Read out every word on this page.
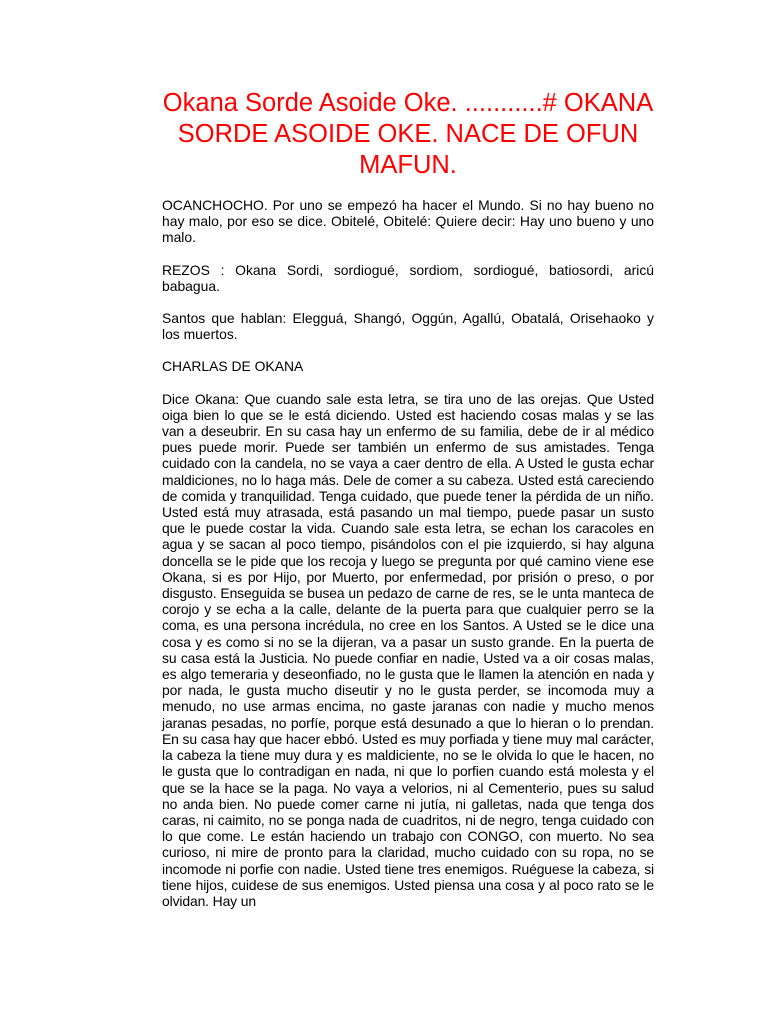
Okana Sorde Asoide Oke. ...........# OKANA SORDE ASOIDE OKE. NACE DE OFUN MAFUN.

OCANCHOCHO. Por uno se empezó ha hacer el Mundo. Si no hay bueno no hay malo, por eso se dice. Obitelé, Obitelé: Quiere decir: Hay uno bueno y uno malo.

REZOS : Okana Sordi, sordiogué, sordiom, sordiogué, batiosordi, aricú babagua.

Santos que hablan: Elegguá, Shangó, Oggún, Agallú, Obatalá, Orisehaoko y los muertos.

CHARLAS DE OKANA

Dice Okana: Que cuando sale esta letra, se tira uno de las orejas. Que Usted oiga bien lo que se le está diciendo. Usted est haciendo cosas malas y se las van a deseubrir. En su casa hay un enfermo de su familia, debe de ir al médico pues puede morir. Puede ser también un enfermo de sus amistades. Tenga cuidado con la candela, no se vaya a caer dentro de ella. A Usted le gusta echar maldiciones, no lo haga más. Dele de comer a su cabeza. Usted está careciendo de comida y tranquilidad. Tenga cuidado, que puede tener la pérdida de un niño. Usted está muy atrasada, está pasando un mal tiempo, puede pasar un susto que le puede costar la vida. Cuando sale esta letra, se echan los caracoles en agua y se sacan al poco tiempo, pisándolos con el pie izquierdo, si hay alguna doncella se le pide que los recoja y luego se pregunta por qué camino viene ese Okana, si es por Hijo, por Muerto, por enfermedad, por prisión o preso, o por disgusto. Enseguida se busea un pedazo de carne de res, se le unta manteca de corojo y se echa a la calle, delante de la puerta para que cualquier perro se la coma, es una persona incrédula, no cree en los Santos. A Usted se le dice una cosa y es como si no se la dijeran, va a pasar un susto grande. En la puerta de su casa está la Justicia. No puede confiar en nadie, Usted va a oir cosas malas, es algo temeraria y deseonfiado, no le gusta que le llamen la atención en nada y por nada, le gusta mucho diseutir y no le gusta perder, se incomoda muy a menudo, no use armas encima, no gaste jaranas con nadie y mucho menos jaranas pesadas, no porfíe, porque está desunado a que lo hieran o lo prendan. En su casa hay que hacer ebbó. Usted es muy porfiada y tiene muy mal carácter, la cabeza la tiene muy dura y es maldiciente, no se le olvida lo que le hacen, no le gusta que lo contradigan en nada, ni que lo porfien cuando está molesta y el que se la hace se la paga. No vaya a velorios, ni al Cementerio, pues su salud no anda bien. No puede comer carne ni jutía, ni galletas, nada que tenga dos caras, ni caimito, no se ponga nada de cuadritos, ni de negro, tenga cuidado con lo que come. Le están haciendo un trabajo con CONGO, con muerto. No sea curioso, ni mire de pronto para la claridad, mucho cuidado con su ropa, no se incomode ni porfie con nadie. Usted tiene tres enemigos. Ruéguese la cabeza, si tiene hijos, cuidese de sus enemigos. Usted piensa una cosa y al poco rato se le olvidan. Hay un
